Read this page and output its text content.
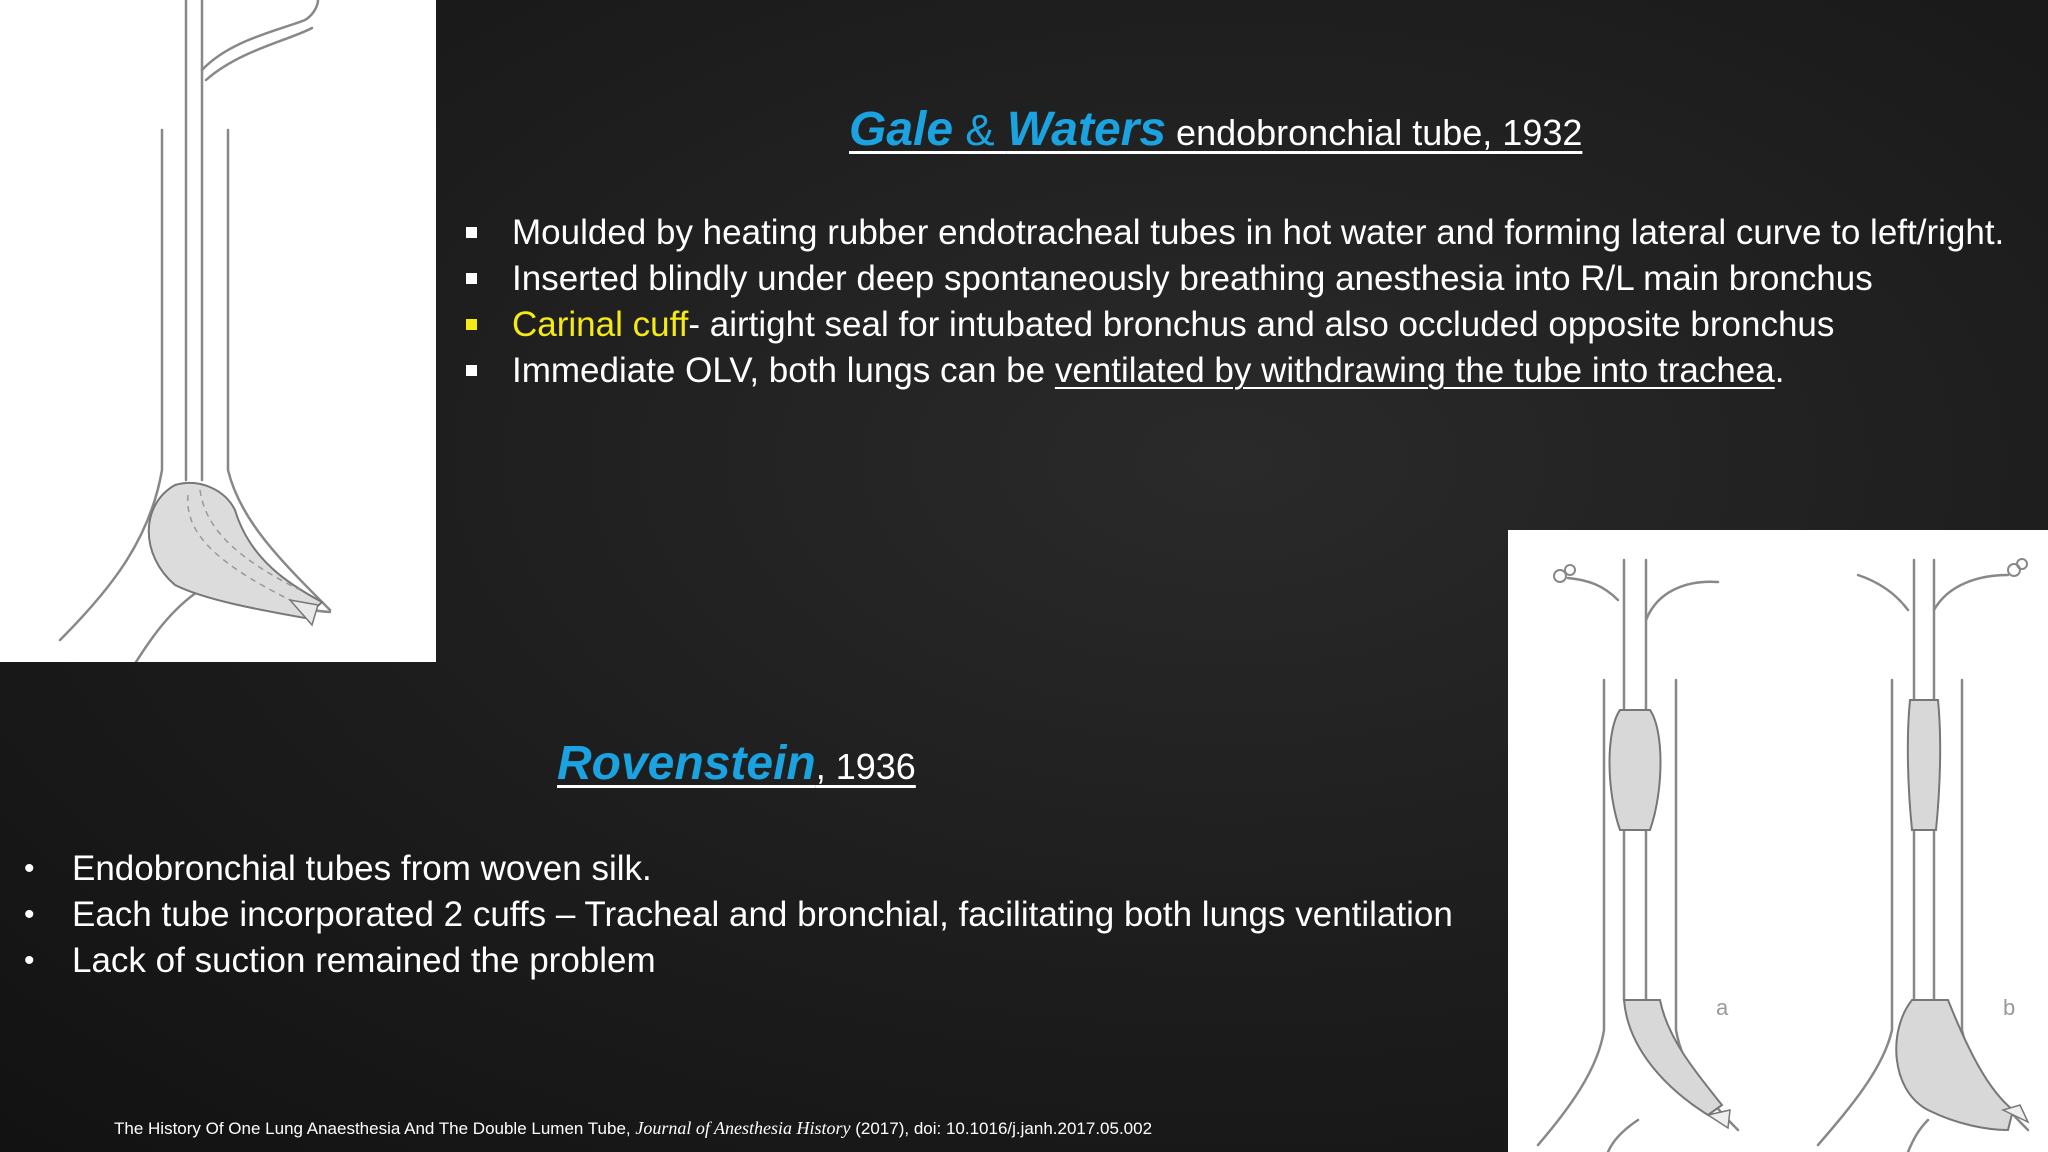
Gale & Waters endobronchial tube, 1932
Moulded by heating rubber endotracheal tubes in hot water and forming lateral curve to left/right.
Inserted blindly under deep spontaneously breathing anesthesia into R/L main bronchus
Carinal cuff- airtight seal for intubated bronchus and also occluded opposite bronchus
Immediate OLV, both lungs can be ventilated by withdrawing the tube into trachea.
Rovenstein, 1936
• Endobronchial tubes from woven silk.
• Each tube incorporated 2 cuffs – Tracheal and bronchial, facilitating both lungs ventilation
• Lack of suction remained the problem
a	b
The History Of One Lung Anaesthesia And The Double Lumen Tube, Journal of Anesthesia History (2017), doi: 10.1016/j.janh.2017.05.002
